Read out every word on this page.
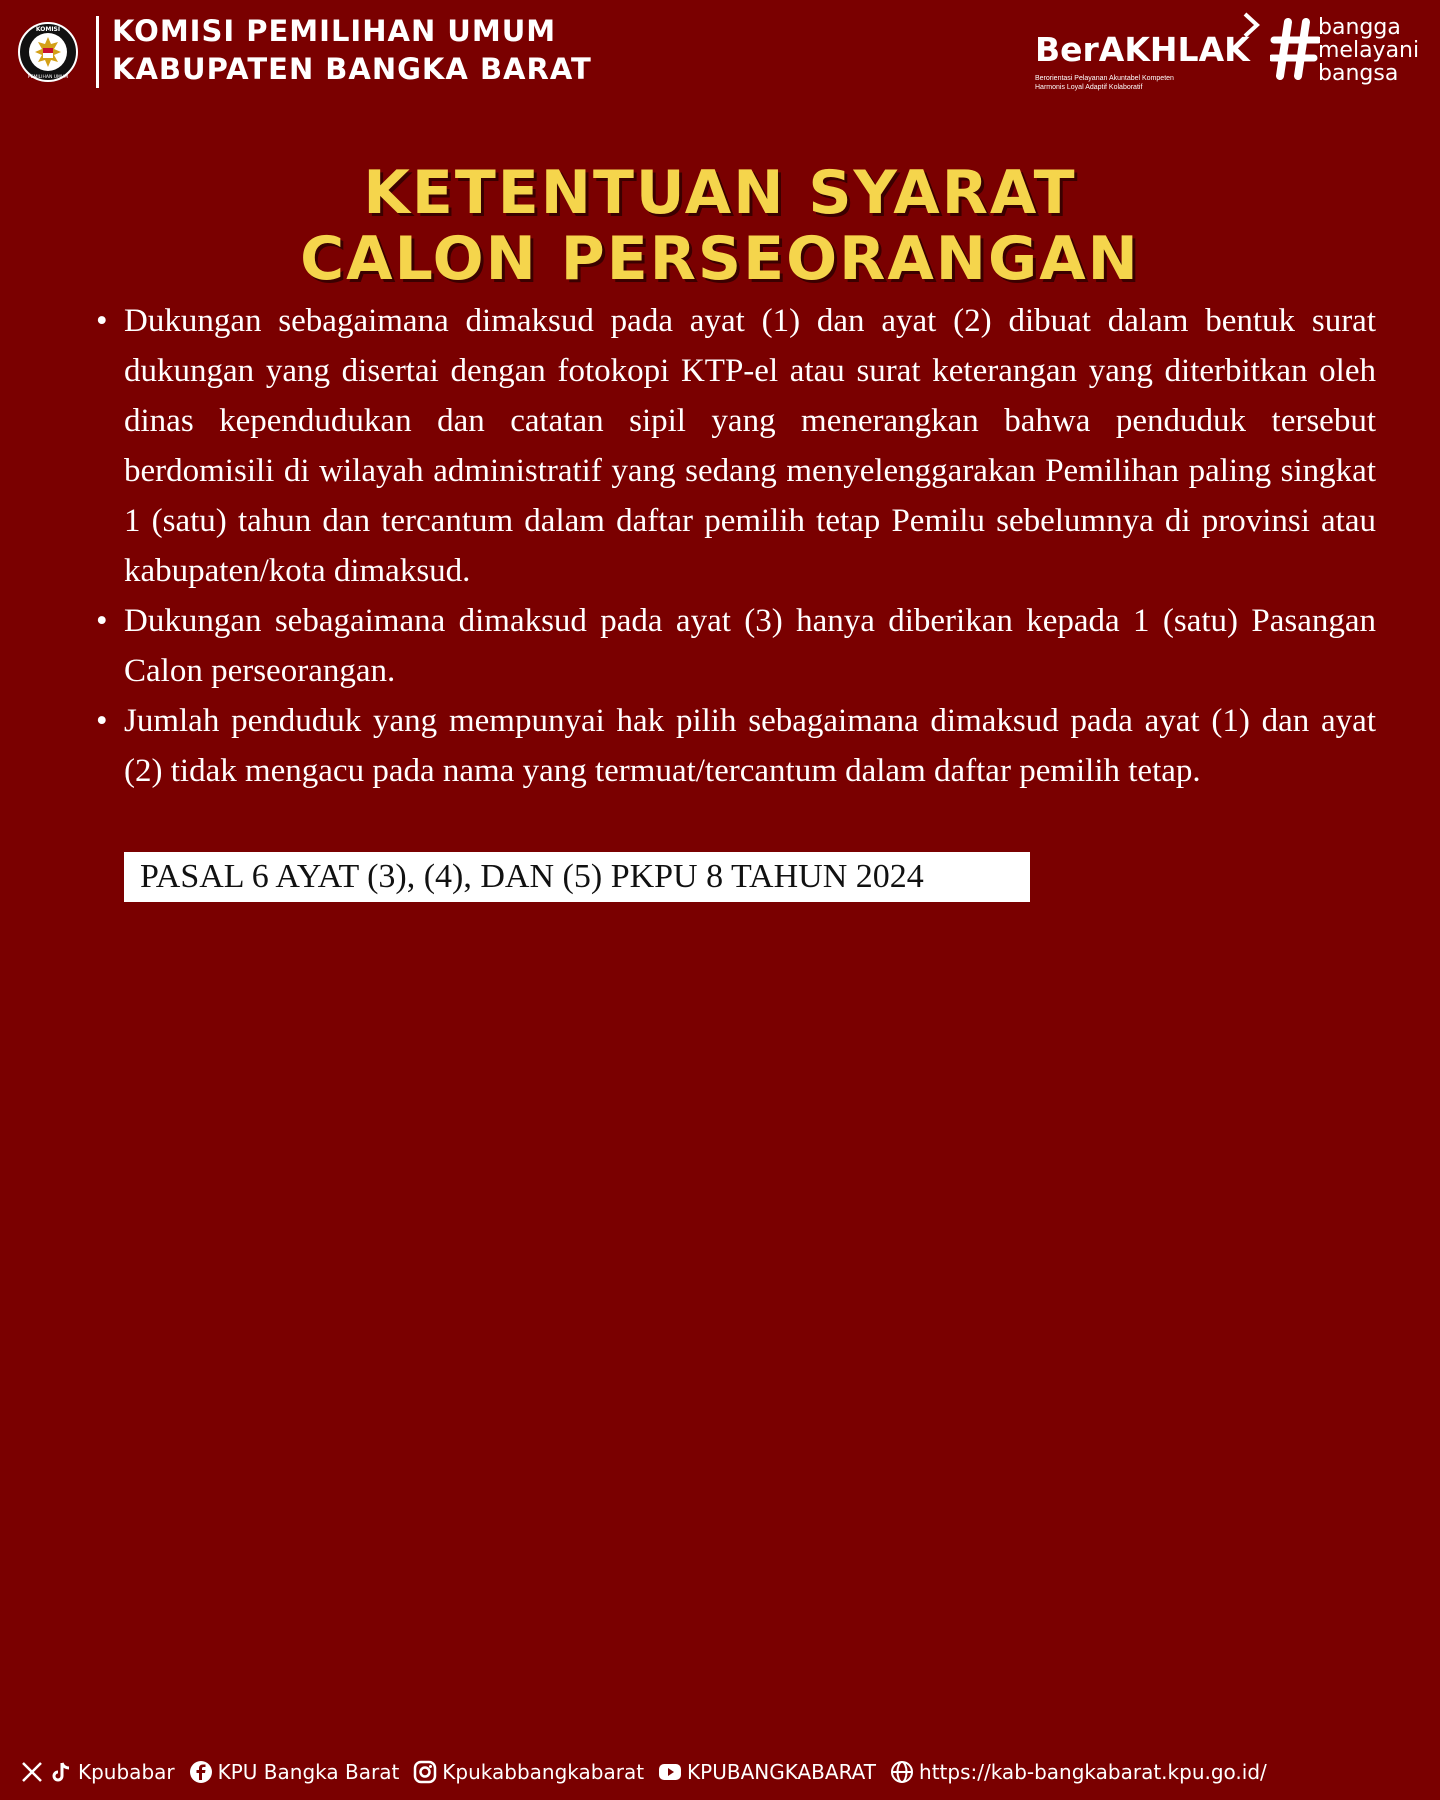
KOMISI
PEMILIHAN UMUM
KOMISI PEMILIHAN UMUM
KABUPATEN BANGKA BARAT	BerAKHLAK
Berorientasi Pelayanan Akuntabel Kompeten
Harmonis Loyal Adaptif Kolaboratif
bangga
melayani
bangsa
KETENTUAN SYARAT
CALON PERSEORANGAN
• Dukungan sebagaimana dimaksud pada ayat (1) dan ayat (2) dibuat dalam bentuk surat dukungan yang disertai dengan fotokopi KTP-el atau surat keterangan yang diterbitkan oleh dinas kependudukan dan catatan sipil yang menerangkan bahwa penduduk tersebut berdomisili di wilayah administratif yang sedang menyelenggarakan Pemilihan paling singkat 1 (satu) tahun dan tercantum dalam daftar pemilih tetap Pemilu sebelumnya di provinsi atau kabupaten/kota dimaksud.
• Dukungan sebagaimana dimaksud pada ayat (3) hanya diberikan kepada 1 (satu) Pasangan Calon perseorangan.
• Jumlah penduduk yang mempunyai hak pilih sebagaimana dimaksud pada ayat (1) dan ayat (2) tidak mengacu pada nama yang termuat/tercantum dalam daftar pemilih tetap.
PASAL 6 AYAT (3), (4), DAN (5) PKPU 8 TAHUN 2024
Kpubabar KPU Bangka Barat Kpukabbangkabarat KPUBANGKABARAT https://kab-bangkabarat.kpu.go.id/
